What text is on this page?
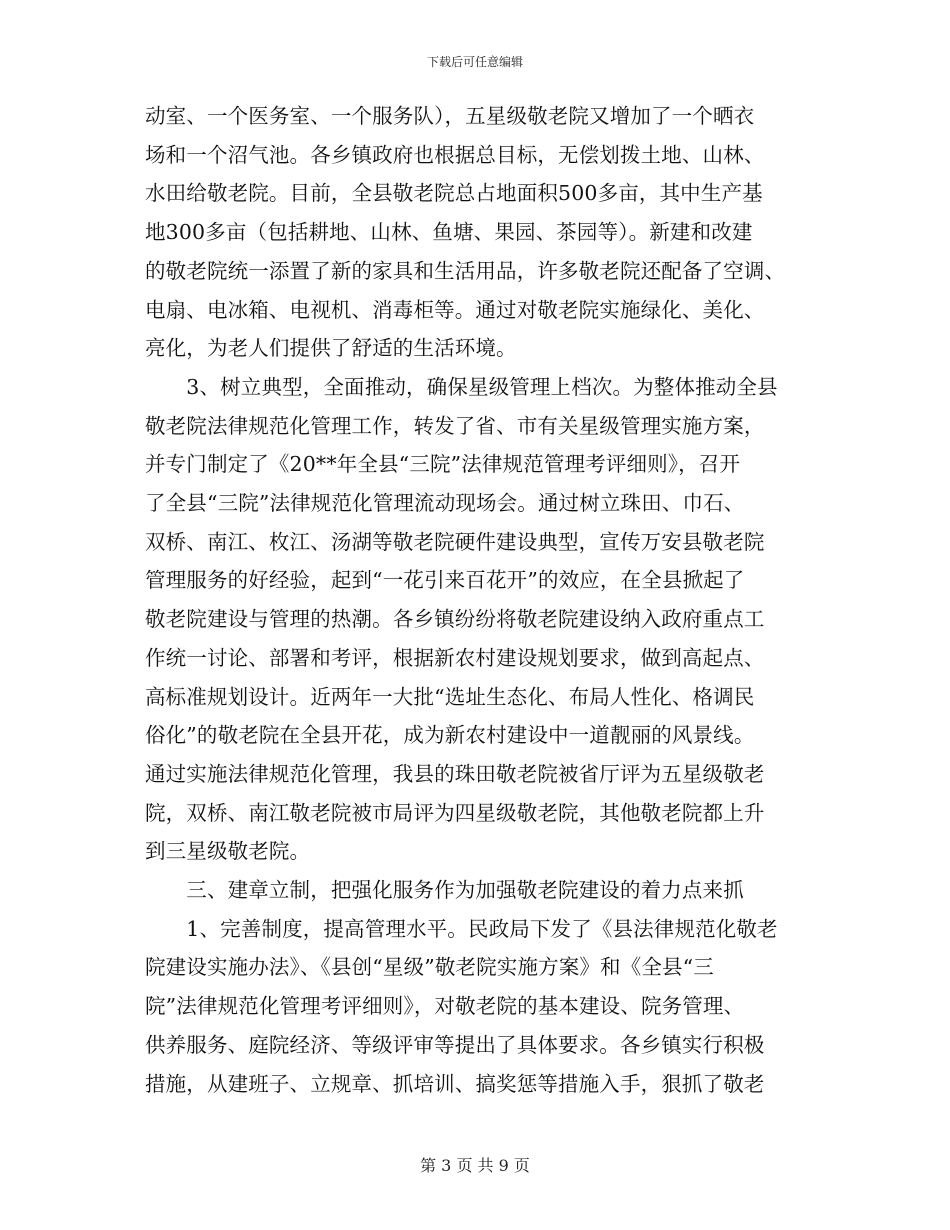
下载后可任意编辑
动室、一个医务室、一个服务队），五星级敬老院又增加了一个晒衣
场和一个沼气池。各乡镇政府也根据总目标，无偿划拨土地、山林、
水田给敬老院。目前，全县敬老院总占地面积500多亩，其中生产基
地300多亩（包括耕地、山林、鱼塘、果园、茶园等）。新建和改建
的敬老院统一添置了新的家具和生活用品，许多敬老院还配备了空调、
电扇、电冰箱、电视机、消毒柜等。通过对敬老院实施绿化、美化、
亮化，为老人们提供了舒适的生活环境。
　　3、树立典型，全面推动，确保星级管理上档次。为整体推动全县
敬老院法律规范化管理工作，转发了省、市有关星级管理实施方案，
并专门制定了《20**年全县“三院”法律规范管理考评细则》，召开
了全县“三院”法律规范化管理流动现场会。通过树立珠田、巾石、
双桥、南江、枚江、汤湖等敬老院硬件建设典型，宣传万安县敬老院
管理服务的好经验，起到“一花引来百花开”的效应，在全县掀起了
敬老院建设与管理的热潮。各乡镇纷纷将敬老院建设纳入政府重点工
作统一讨论、部署和考评，根据新农村建设规划要求，做到高起点、
高标准规划设计。近两年一大批“选址生态化、布局人性化、格调民
俗化”的敬老院在全县开花，成为新农村建设中一道靓丽的风景线。
通过实施法律规范化管理，我县的珠田敬老院被省厅评为五星级敬老
院，双桥、南江敬老院被市局评为四星级敬老院，其他敬老院都上升
到三星级敬老院。
　　三、建章立制，把强化服务作为加强敬老院建设的着力点来抓
　　1、完善制度，提高管理水平。民政局下发了《县法律规范化敬老
院建设实施办法》、《县创“星级”敬老院实施方案》和《全县“三
院”法律规范化管理考评细则》，对敬老院的基本建设、院务管理、
供养服务、庭院经济、等级评审等提出了具体要求。各乡镇实行积极
措施，从建班子、立规章、抓培训、搞奖惩等措施入手，狠抓了敬老
第 3 页 共 9 页
